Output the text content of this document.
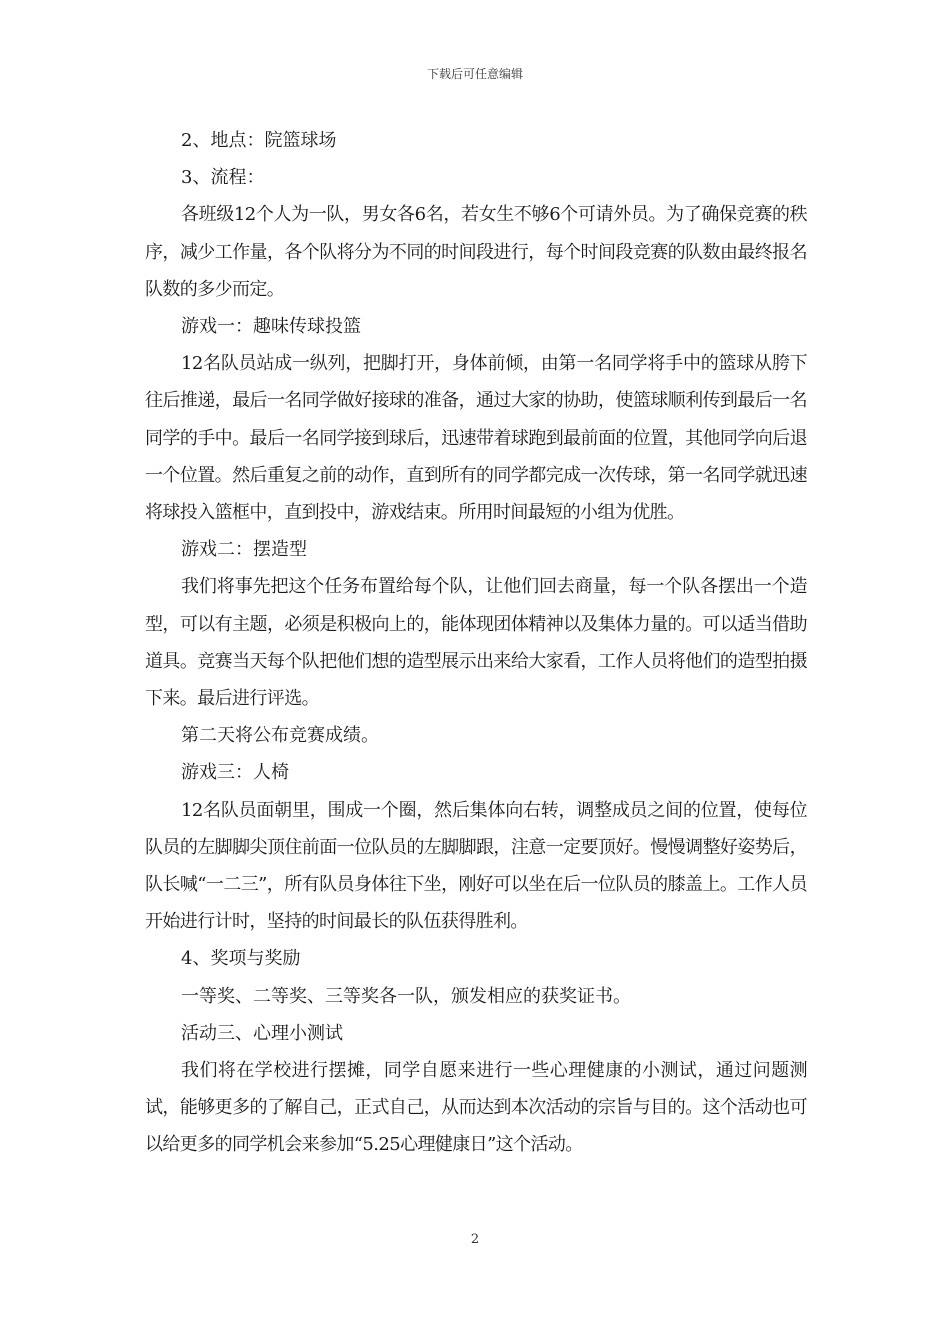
下载后可任意编辑

2、地点：院篮球场

3、流程：

各班级12个人为一队，男女各6名，若女生不够6个可请外员。为了确保竞赛的秩序，减少工作量，各个队将分为不同的时间段进行，每个时间段竞赛的队数由最终报名队数的多少而定。

游戏一：趣味传球投篮

12名队员站成一纵列，把脚打开，身体前倾，由第一名同学将手中的篮球从胯下往后推递，最后一名同学做好接球的准备，通过大家的协助，使篮球顺利传到最后一名同学的手中。最后一名同学接到球后，迅速带着球跑到最前面的位置，其他同学向后退一个位置。然后重复之前的动作，直到所有的同学都完成一次传球，第一名同学就迅速将球投入篮框中，直到投中，游戏结束。所用时间最短的小组为优胜。

游戏二：摆造型

我们将事先把这个任务布置给每个队，让他们回去商量，每一个队各摆出一个造型，可以有主题，必须是积极向上的，能体现团体精神以及集体力量的。可以适当借助道具。竞赛当天每个队把他们想的造型展示出来给大家看，工作人员将他们的造型拍摄下来。最后进行评选。

第二天将公布竞赛成绩。

游戏三：人椅

12名队员面朝里，围成一个圈，然后集体向右转，调整成员之间的位置，使每位队员的左脚脚尖顶住前面一位队员的左脚脚跟，注意一定要顶好。慢慢调整好姿势后，队长喊“一二三”，所有队员身体往下坐，刚好可以坐在后一位队员的膝盖上。工作人员开始进行计时，坚持的时间最长的队伍获得胜利。

4、奖项与奖励

一等奖、二等奖、三等奖各一队，颁发相应的获奖证书。

活动三、心理小测试

我们将在学校进行摆摊，同学自愿来进行一些心理健康的小测试，通过问题测试，能够更多的了解自己，正式自己，从而达到本次活动的宗旨与目的。这个活动也可以给更多的同学机会来参加“5.25心理健康日”这个活动。

2
